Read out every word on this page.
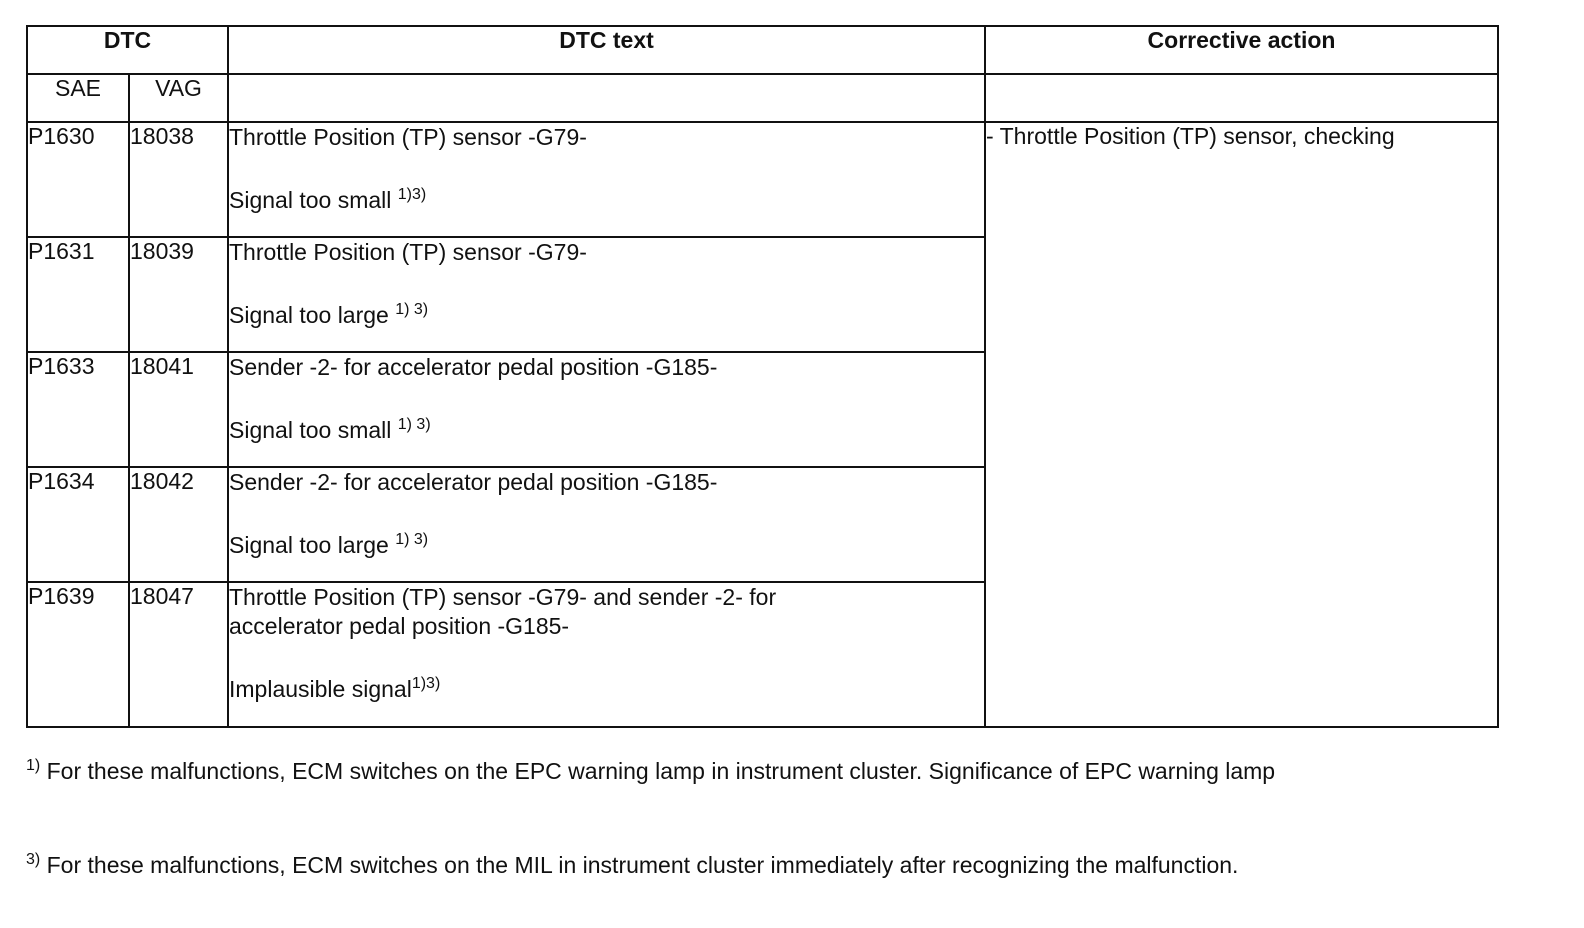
DTC		DTC text	Corrective action
SAE	VAG		
P1630	18038	Throttle Position (TP) sensor -G79-
Signal too small $^{1)3)}$	- Throttle Position (TP) sensor, checking
P1631	18039	Throttle Position (TP) sensor -G79-
Signal too large $^{1) 3)}$

P1633	18041	Sender -2- for accelerator pedal position -G185-
Signal too small $^{1) 3)}$

P1634	18042	Sender -2- for accelerator pedal position -G185-
Signal too large $^{1) 3)}$

P1639	18047	Throttle Position (TP) sensor -G79- and sender -2- for accelerator pedal position -G185-
Implausible signal$^{1)3)}$
$^{1)}$ For these malfunctions, ECM switches on the EPC warning lamp in instrument cluster. Significance of EPC warning lamp
$^{3)}$ For these malfunctions, ECM switches on the MIL in instrument cluster immediately after recognizing the malfunction.
